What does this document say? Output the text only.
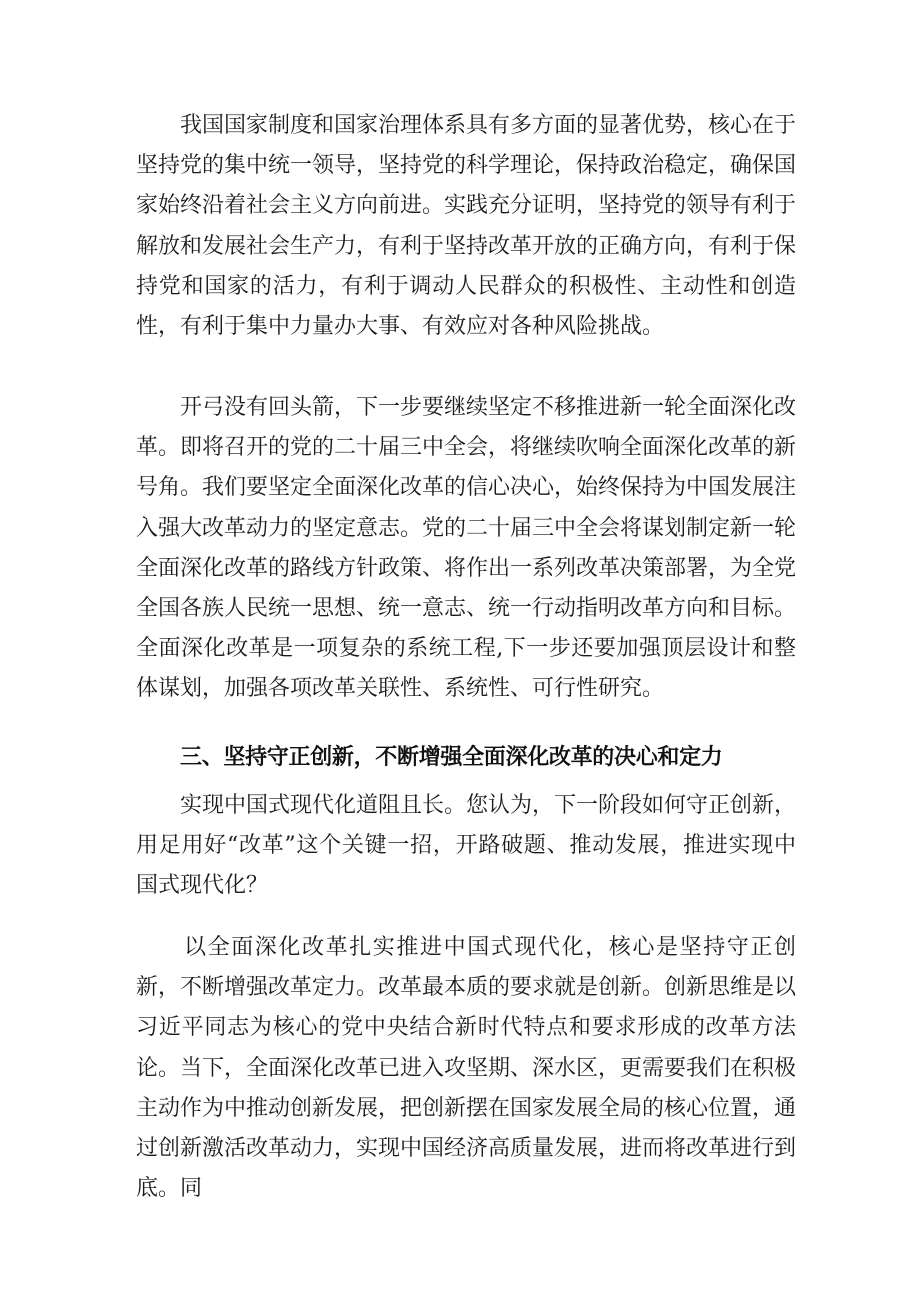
我国国家制度和国家治理体系具有多方面的显著优势，核心在于坚持党的集中统一领导，坚持党的科学理论，保持政治稳定，确保国家始终沿着社会主义方向前进。实践充分证明，坚持党的领导有利于解放和发展社会生产力，有利于坚持改革开放的正确方向，有利于保持党和国家的活力，有利于调动人民群众的积极性、主动性和创造性，有利于集中力量办大事、有效应对各种风险挑战。

开弓没有回头箭，下一步要继续坚定不移推进新一轮全面深化改革。即将召开的党的二十届三中全会，将继续吹响全面深化改革的新号角。我们要坚定全面深化改革的信心决心，始终保持为中国发展注入强大改革动力的坚定意志。党的二十届三中全会将谋划制定新一轮全面深化改革的路线方针政策、将作出一系列改革决策部署，为全党全国各族人民统一思想、统一意志、统一行动指明改革方向和目标。全面深化改革是一项复杂的系统工程,下一步还要加强顶层设计和整体谋划，加强各项改革关联性、系统性、可行性研究。

三、坚持守正创新，不断增强全面深化改革的决心和定力

实现中国式现代化道阻且长。您认为，下一阶段如何守正创新，用足用好“改革”这个关键一招，开路破题、推动发展，推进实现中国式现代化？

以全面深化改革扎实推进中国式现代化，核心是坚持守正创新，不断增强改革定力。改革最本质的要求就是创新。创新思维是以习近平同志为核心的党中央结合新时代特点和要求形成的改革方法论。当下，全面深化改革已进入攻坚期、深水区，更需要我们在积极主动作为中推动创新发展，把创新摆在国家发展全局的核心位置，通过创新激活改革动力，实现中国经济高质量发展，进而将改革进行到底。同
